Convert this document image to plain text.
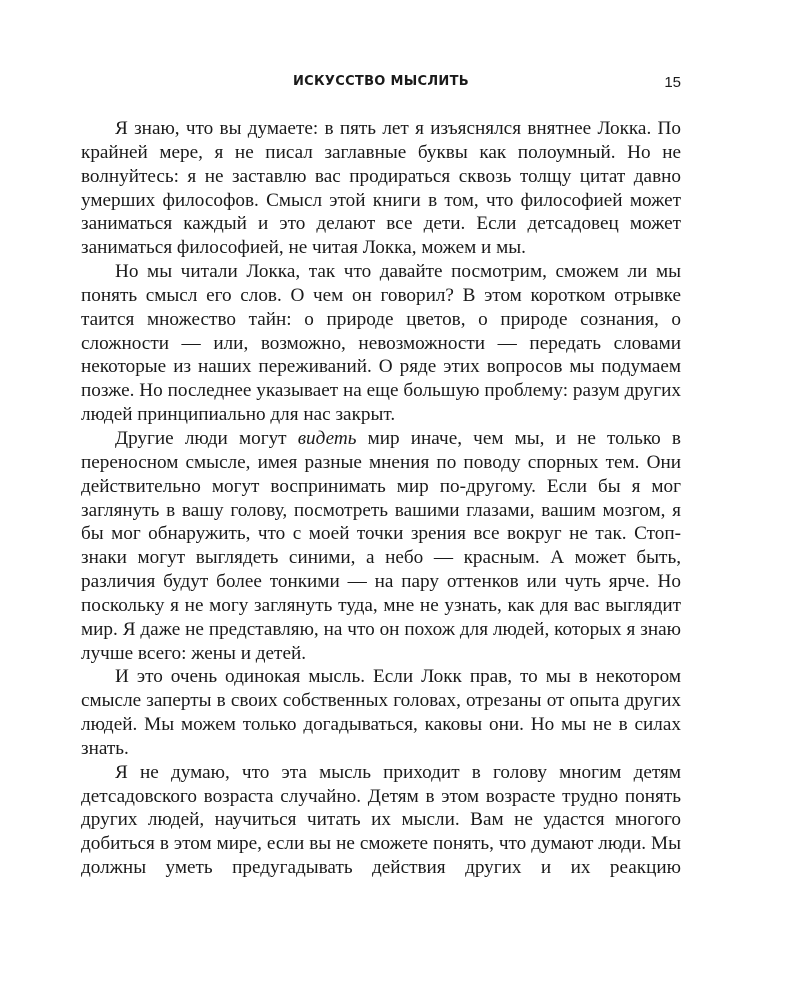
ИСКУССТВО МЫСЛИТЬ	15

Я знаю, что вы думаете: в пять лет я изъяснялся внятнее Локка. По крайней мере, я не писал заглавные буквы как полоумный. Но не волнуйтесь: я не заставлю вас продираться сквозь толщу цитат давно умерших философов. Смысл этой книги в том, что философией может заниматься каждый и это делают все дети. Если детсадовец может заниматься философией, не читая Локка, можем и мы.

Но мы читали Локка, так что давайте посмотрим, сможем ли мы понять смысл его слов. О чем он говорил? В этом коротком отрывке таится множество тайн: о природе цветов, о природе сознания, о сложности — или, возможно, невозможности — передать словами некоторые из наших переживаний. О ряде этих вопросов мы подумаем позже. Но последнее указывает на еще большую проблему: разум других людей принципиально для нас закрыт.

Другие люди могут видеть мир иначе, чем мы, и не только в переносном смысле, имея разные мнения по поводу спорных тем. Они действительно могут воспринимать мир по-другому. Если бы я мог заглянуть в вашу голову, посмотреть вашими глазами, вашим мозгом, я бы мог обнаружить, что с моей точки зрения все вокруг не так. Стоп-знаки могут выглядеть синими, а небо — красным. А может быть, различия будут более тонкими — на пару оттенков или чуть ярче. Но поскольку я не могу заглянуть туда, мне не узнать, как для вас выглядит мир. Я даже не представляю, на что он похож для людей, которых я знаю лучше всего: жены и детей.

И это очень одинокая мысль. Если Локк прав, то мы в некотором смысле заперты в своих собственных головах, отрезаны от опыта других людей. Мы можем только догадываться, каковы они. Но мы не в силах знать.

Я не думаю, что эта мысль приходит в голову многим детям детсадовского возраста случайно. Детям в этом возрасте трудно понять других людей, научиться читать их мысли. Вам не удастся многого добиться в этом мире, если вы не сможете понять, что думают люди. Мы должны уметь предугадывать действия других и их реакцию
